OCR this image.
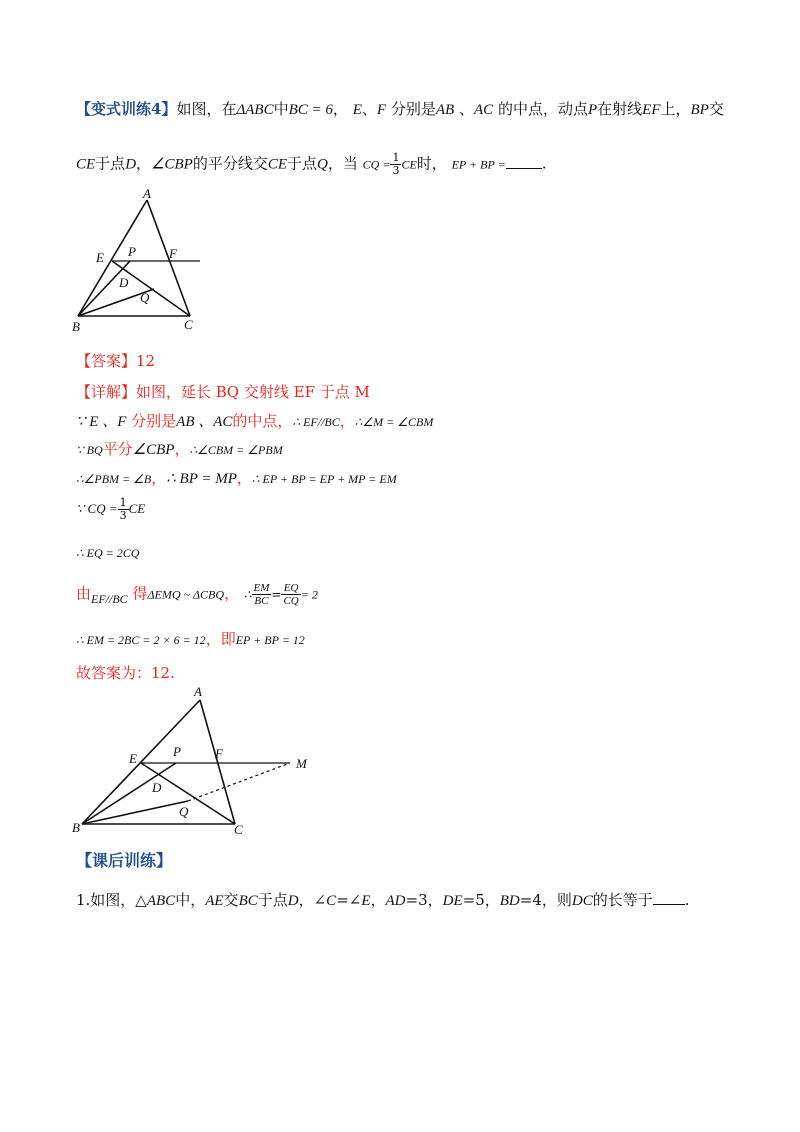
【变式训练4】如图，在ΔABC中BC = 6， E、F 分别是AB 、AC 的中点，动点P在射线EF上，BP交
CE于点D，∠CBP的平分线交CE于点Q，当 CQ = $\frac{1}{3}$ CE时， EP + BP = .
A
E P	F
D
Q
B	C
【答案】12
【详解】如图，延长 BQ 交射线 EF 于点 M
∵ E 、F 分别是AB 、AC的中点，∴ EF//BC，∴∠M = ∠CBM
∵ BQ平分∠CBP，∴∠CBM = ∠PBM
∴∠PBM = ∠B，∴ BP = MP，∴ EP + BP = EP + MP = EM
∵ CQ = $\frac{1}{3}$ CE
∴ EQ = 2CQ
由$_{EF//BC}$ 得ΔEMQ ~ ΔCBQ， ∴ $\frac{EM}{BC} = \frac{EQ}{CQ} = 2$
∴ EM = 2BC = 2 × 6 = 12，即EP + BP = 12
故答案为：12.
A
E	P	F
M
D
Q
B	C
【课后训练】
1.如图，△ABC中，AE交BC于点D，∠C=∠E，AD=3，DE=5，BD=4，则DC的长等于 .
